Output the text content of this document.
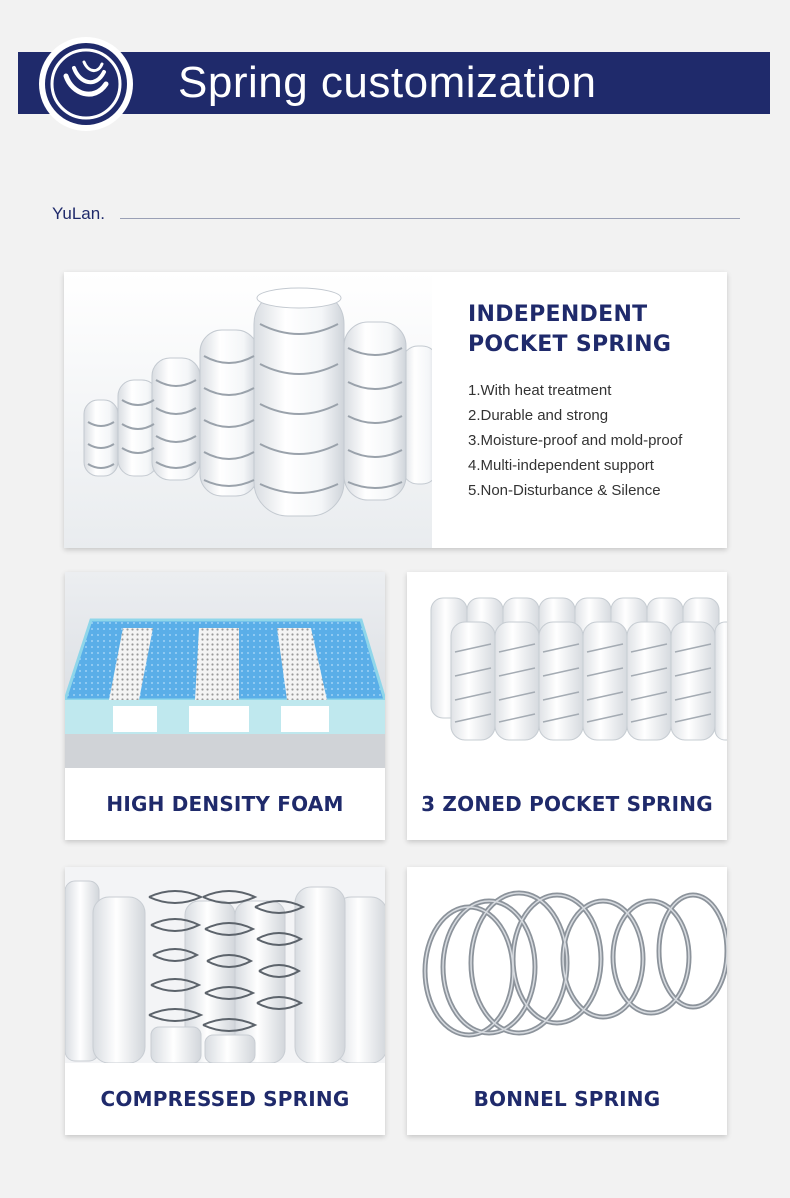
Spring customization
YuLan.
INDEPENDENT
POCKET SPRING
1.With heat treatment
2.Durable and strong
3.Moisture-proof and mold-proof
4.Multi-independent support
5.Non-Disturbance & Silence
HIGH DENSITY FOAM	3 ZONED POCKET SPRING
COMPRESSED SPRING	BONNEL SPRING
